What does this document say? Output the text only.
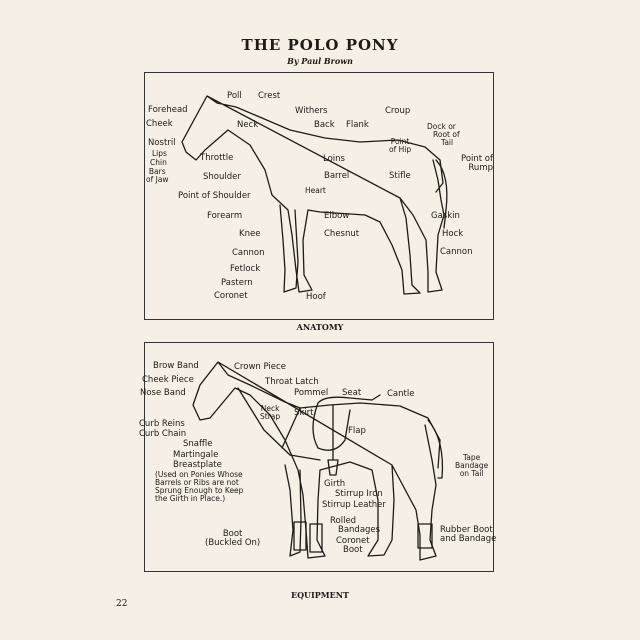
THE POLO PONY
By Paul Brown
Poll Crest
Forehead
Cheek	Neck
Withers
Back Flank
Croup
Dock or
Root of
Tail
Nostril
Lips
Chin
Bars
of Jaw
Point
of Hip
Loins	Point of
Rump
Throttle
Shoulder	Barrel	Stifle
Heart
Point of Shoulder
Forearm	Elbow	Gaskin
Knee	Chesnut	Hock
Cannon	Cannon
Fetlock
Pastern
Coronet	Hoof
ANATOMY
Brow Band	Crown Piece
Cheek Piece	Throat Latch
Nose Band	Pommel Seat	Cantle
Neck
Strap Skirt
Flap
Curb Reins
Curb Chain
Snaffle
Martingale
Breastplate
(Used on Ponies Whose
Barrels or Ribs are not
Sprung Enough to Keep
the Girth in Place.)
Girth
Tape
Bandage
on Tail
Stirrup Iron
Stirrup Leather
Rolled
Bandages	Rubber Boot
and Bandage
Boot
(Buckled On)	Coronet
Boot
EQUIPMENT
22
